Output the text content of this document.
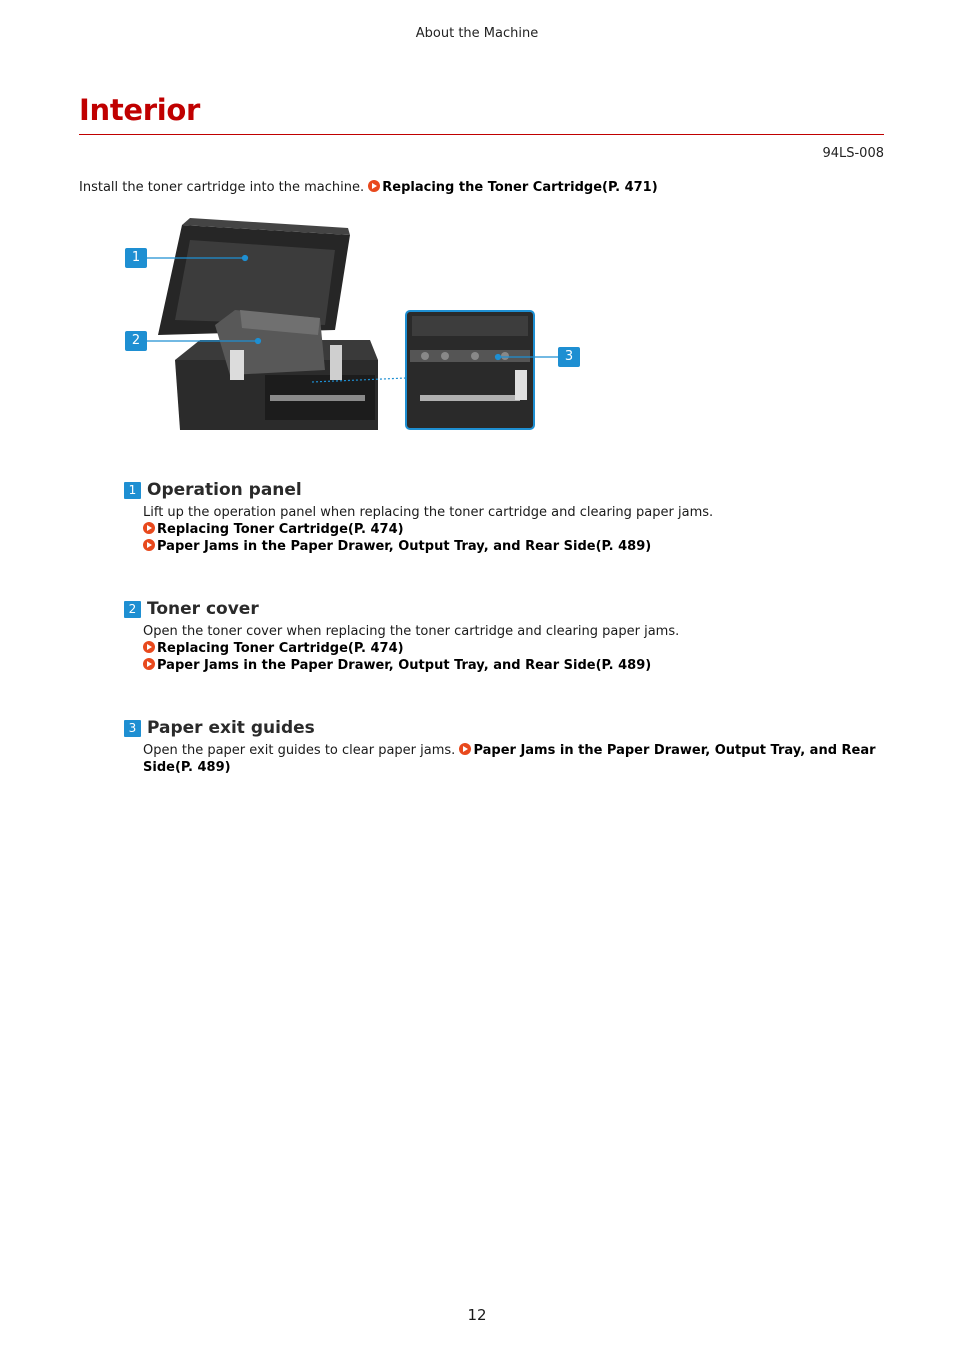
About the Machine
Interior
94LS-008
Install the toner cartridge into the machine. Replacing the Toner Cartridge(P. 471)
1
2
3
1 Operation panel
Lift up the operation panel when replacing the toner cartridge and clearing paper jams.
Replacing Toner Cartridge(P. 474)
Paper Jams in the Paper Drawer, Output Tray, and Rear Side(P. 489)
2 Toner cover
Open the toner cover when replacing the toner cartridge and clearing paper jams.
Replacing Toner Cartridge(P. 474)
Paper Jams in the Paper Drawer, Output Tray, and Rear Side(P. 489)
3 Paper exit guides
Open the paper exit guides to clear paper jams. Paper Jams in the Paper Drawer, Output Tray, and Rear Side(P. 489)
12
